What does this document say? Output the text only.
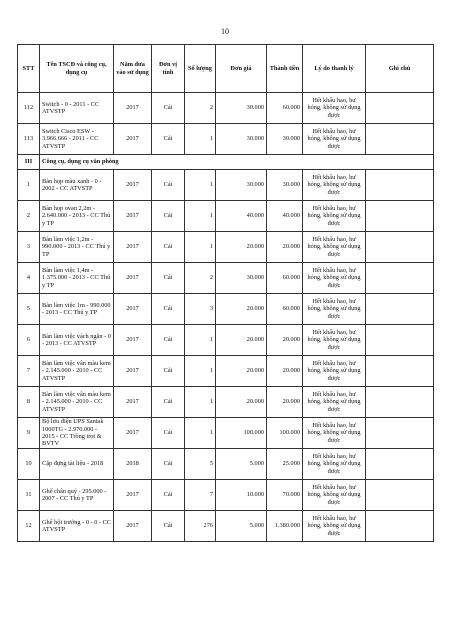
10
STT	Tên TSCĐ và công cụ, dụng cụ	Năm đưa vào sử dụng	Đơn vị tính	Số lượng	Đơn giá	Thành tiền	Lý do thanh lý	Ghi chú
112	Switch - 0 - 2011 - CC ATVSTP	2017	Cái	2	30.000	60.000	Hết khấu hao, hư hỏng, không sử dụng được	
113	Switch Cisco ESW - 3.966.666 - 2011 - CC ATVSTP	2017	Cái	1	30.000	30.000	Hết khấu hao, hư hỏng, không sử dụng được	
III	Công cụ, dụng cụ văn phòng							
1	Bàn họp màu xanh - 0 - 2002 - CC ATVSTP	2017	Cái	1	30.000	30.000	Hết khấu hao, hư hỏng, không sử dụng được	
2	Bàn họp ovan 2,2m - 2.640.000 - 2013 - CC Thú y TP	2017	Cái	1	40.000	40.000	Hết khấu hao, hư hỏng, không sử dụng được	
3	Bàn làm việc 1,2m - 990.000 - 2013 - CC Thú y TP	2017	Cái	1	20.000	20.000	Hết khấu hao, hư hỏng, không sử dụng được	
4	Bàn làm việc 1,4m - 1.375.000 - 2013 - CC Thú y TP	2017	Cái	2	30.000	60.000	Hết khấu hao, hư hỏng, không sử dụng được	
5	Bàn làm việc 1m - 990.000 - 2013 - CC Thú y TP	2017	Cái	3	20.000	60.000	Hết khấu hao, hư hỏng, không sử dụng được	
6	Bàn làm việc vách ngăn - 0 - 2013 - CC ATVSTP	2017	Cái	1	20.000	20.000	Hết khấu hao, hư hỏng, không sử dụng được	
7	Bàn làm việc vân màu kem - 2.145.000 - 2010 - CC ATVSTP	2017	Cái	1	20.000	20.000	Hết khấu hao, hư hỏng, không sử dụng được	
8	Bàn làm việc vân màu kem - 2.145.000 - 2010 - CC ATVSTP	2017	Cái	1	20.000	20.000	Hết khấu hao, hư hỏng, không sử dụng được	
9	Bộ lưu điện UPS Santak 1000TG - 2.970.000 - 2015 - CC Trồng trọt & BVTV	2017	Cái	1	100.000	100.000	Hết khấu hao, hư hỏng, không sử dụng được	
10	Cặp đựng tài liệu - 2018	2018	Cái	5	5.000	25.000	Hết khấu hao, hư hỏng, không sử dụng được	
11	Ghế chân quỳ - 295.000 - 2007 - CC Thú y TP	2017	Cái	7	10.000	70.000	Hết khấu hao, hư hỏng, không sử dụng được	
12	Ghế hội trường - 0 - 0 - CC ATVSTP	2017	Cái	276	5.000	1.380.000	Hết khấu hao, hư hỏng, không sử dụng được	
